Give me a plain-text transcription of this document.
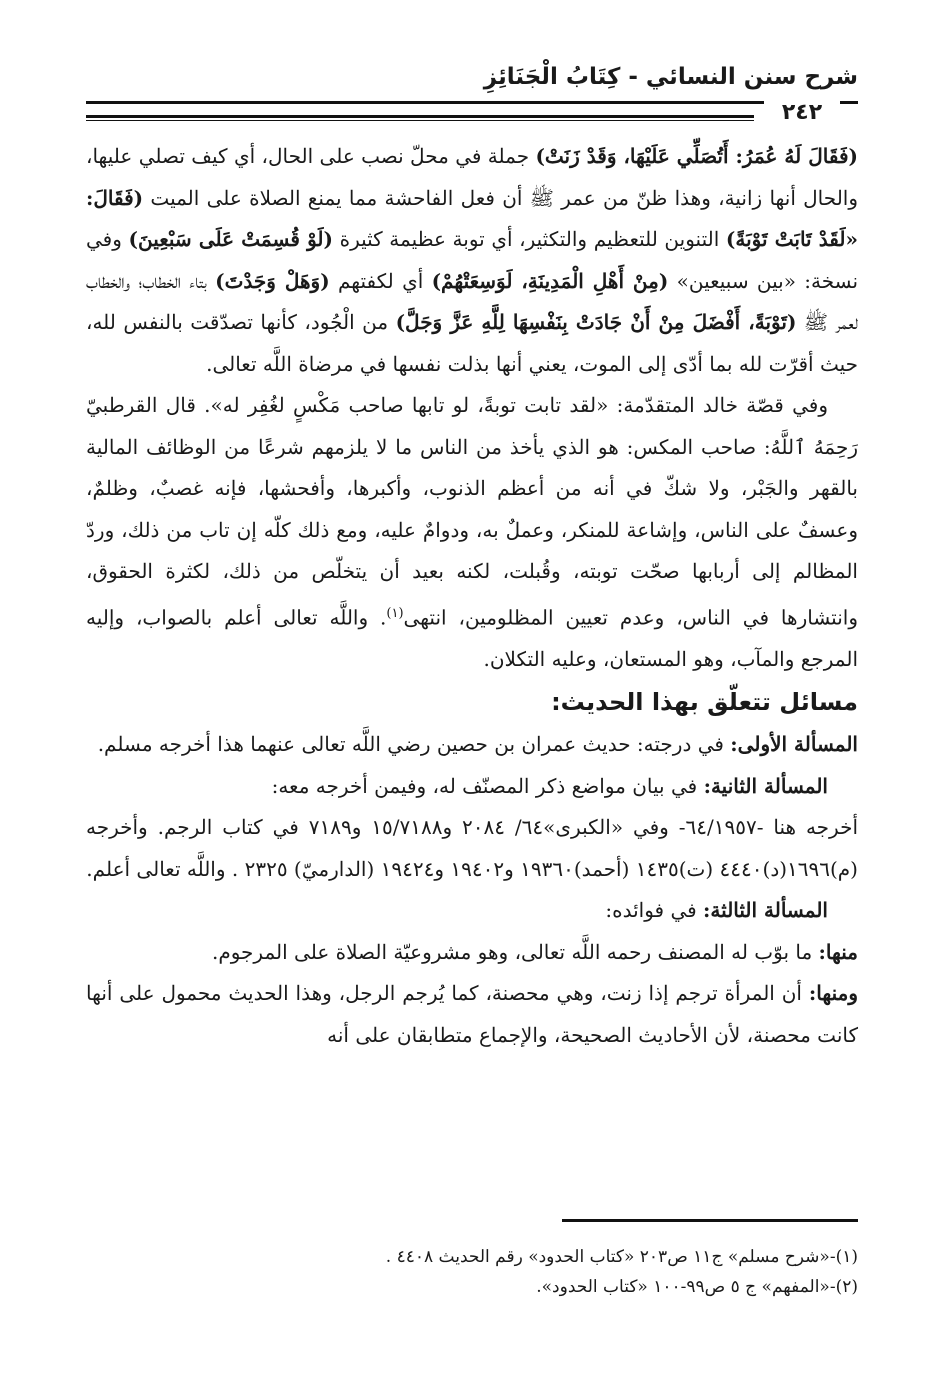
شرح سنن النسائي - كِتَابُ الْجَنَائِزِ
٢٤٢

(فَقَالَ لَهُ عُمَرُ: أَتُصَلِّي عَلَيْهَا، وَقَدْ زَنَتْ) جملة في محلّ نصب على الحال، أي كيف تصلي عليها، والحال أنها زانية، وهذا ظنّ من عمر ﷺ أن فعل الفاحشة مما يمنع الصلاة على الميت (فَقَالَ: «لَقَدْ تَابَتْ تَوْبَةً) التنوين للتعظيم والتكثير، أي توبة عظيمة كثيرة (لَوْ قُسِمَتْ عَلَى سَبْعِينَ) وفي نسخة: «بين سبيعين» (مِنْ أَهْلِ الْمَدِينَةِ، لَوَسِعَتْهُمْ) أي لكفتهم (وَهَلْ وَجَدْتَ) بتاء الخطاب؛ والخطاب لعمر ﷺ (تَوْبَةً، أَفْضَلَ مِنْ أَنْ جَادَتْ بِنَفْسِهَا لِلَّهِ عَزَّ وَجَلَّ) من الْجُود، كأنها تصدّقت بالنفس لله، حيث أقرّت لله بما أدّى إلى الموت، يعني أنها بذلت نفسها في مرضاة اللَّه تعالى.

وفي قصّة خالد المتقدّمة: «لقد تابت توبةً، لو تابها صاحب مَكْسٍ لغُفِر له». قال القرطبيّ رَحِمَهُ ٱللَّهُ: صاحب المكس: هو الذي يأخذ من الناس ما لا يلزمهم شرعًا من الوظائف المالية بالقهر والجَبْر، ولا شكّ في أنه من أعظم الذنوب، وأكبرها، وأفحشها، فإنه غصبٌ، وظلمٌ، وعسفٌ على الناس، وإشاعة للمنكر، وعملٌ به، ودوامٌ عليه، ومع ذلك كلّه إن تاب من ذلك، وردّ المظالم إلى أربابها صحّت توبته، وقُبلت، لكنه بعيد أن يتخلّص من ذلك، لكثرة الحقوق، وانتشارها في الناس، وعدم تعيين المظلومين، انتهى$^{(١)}$. واللَّه تعالى أعلم بالصواب، وإليه المرجع والمآب، وهو المستعان، وعليه التكلان.

مسائل تتعلّق بهذا الحديث:

المسألة الأولى: في درجته: حديث عمران بن حصين رضي اللَّه تعالى عنهما هذا أخرجه مسلم.

المسألة الثانية: في بيان مواضع ذكر المصنّف له، وفيمن أخرجه معه:

أخرجه هنا -٦٤/١٩٥٧- وفي «الكبرى»٦٤/ ٢٠٨٤ و١٥/٧١٨٨ و٧١٨٩ في كتاب الرجم. وأخرجه (م)١٦٩٦(د)٤٤٤٠ (ت)١٤٣٥ (أحمد)١٩٣٦٠ و١٩٤٠٢ و١٩٤٢٤ (الدارميّ) ٢٣٢٥ . واللَّه تعالى أعلم.

المسألة الثالثة: في فوائده:

منها: ما بوّب له المصنف رحمه اللَّه تعالى، وهو مشروعيّة الصلاة على المرجوم.

ومنها: أن المرأة ترجم إذا زنت، وهي محصنة، كما يُرجم الرجل، وهذا الحديث محمول على أنها كانت محصنة، لأن الأحاديث الصحيحة، والإجماع متطابقان على أنه

(١)-«شرح مسلم» ج١١ ص٢٠٣ «كتاب الحدود» رقم الحديث ٤٤٠٨ .

(٢)-«المفهم» ج ٥ ص٩٩-١٠٠ «كتاب الحدود».
